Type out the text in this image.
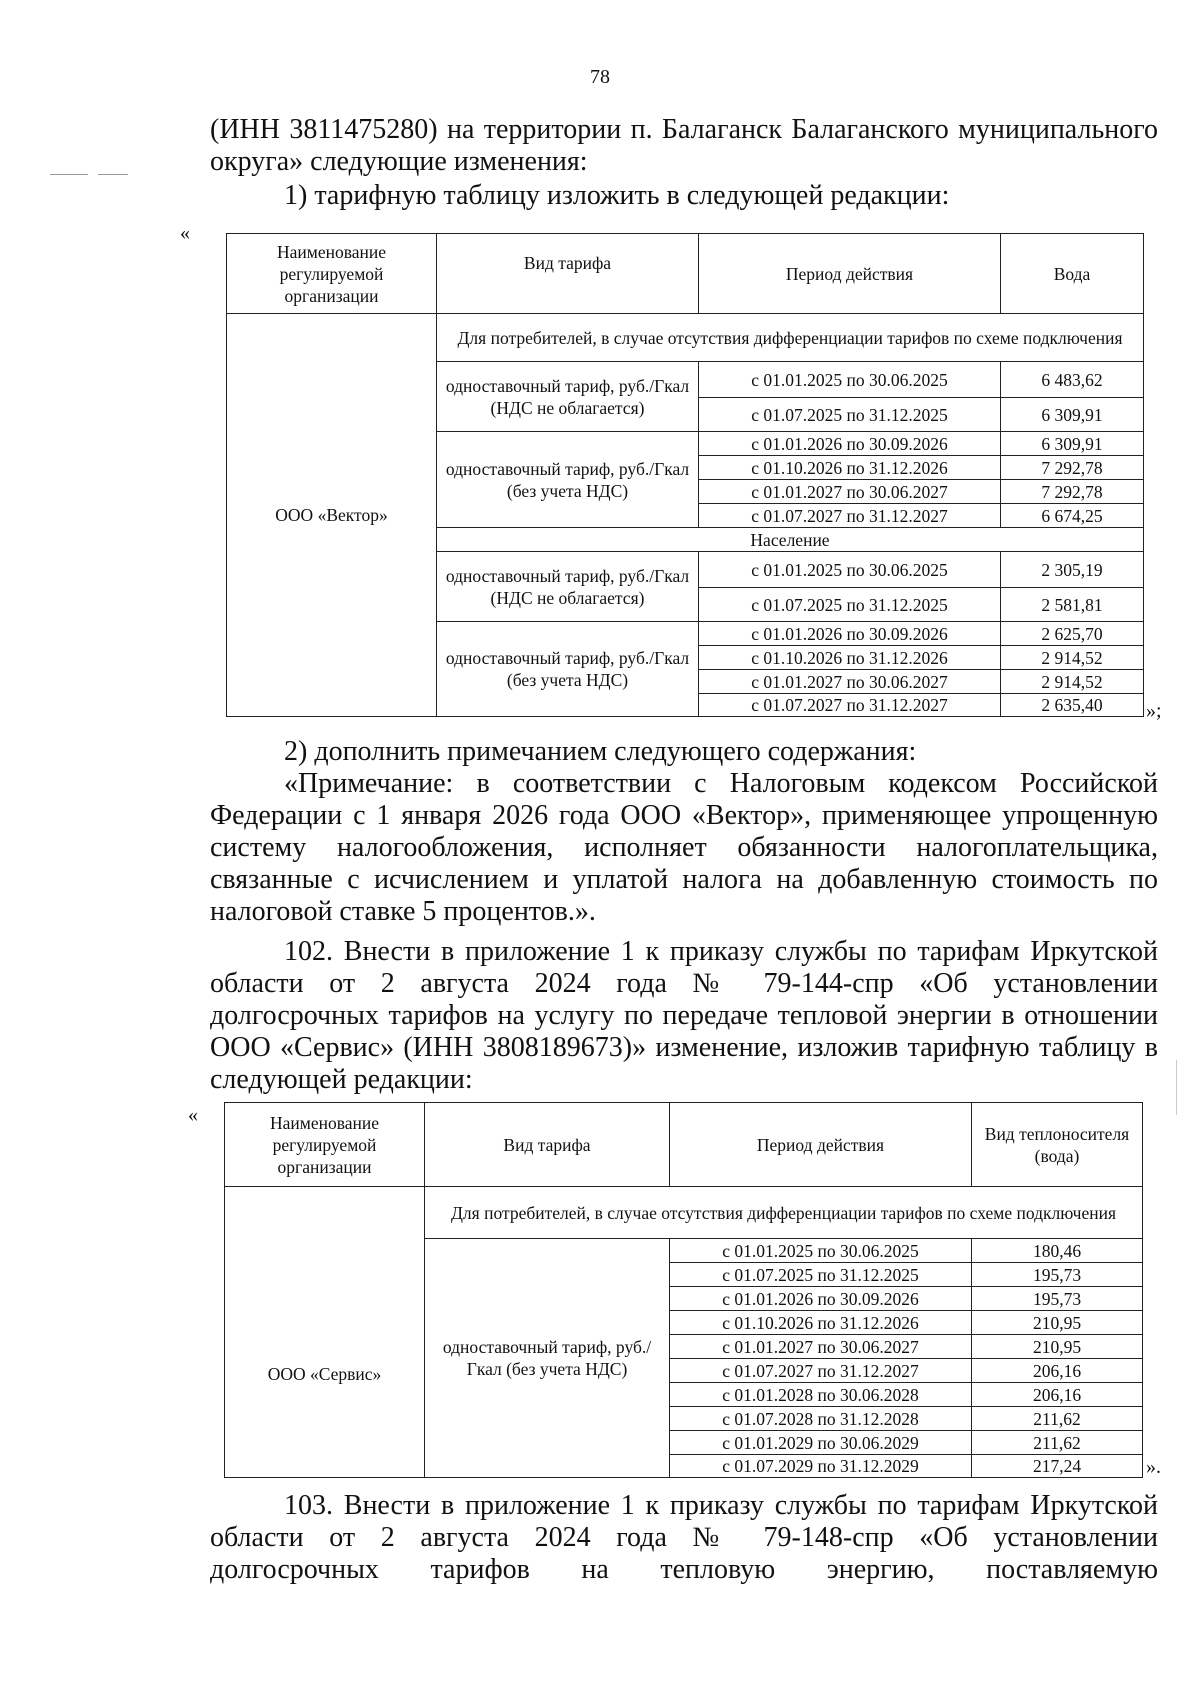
78
(ИНН 3811475280) на территории п. Балаганск Балаганского муниципального
округа» следующие изменения:
1) тарифную таблицу изложить в следующей редакции:
«
Наименование регулируемой организации	Вид тарифа	Период действия	Вода
ООО «Вектор»	Для потребителей, в случае отсутствия дифференциации тарифов по схеме подключения		
	одноставочный тариф, руб./Гкал (НДС не облагается)	с 01.01.2025 по 30.06.2025	6 483,62
		с 01.07.2025 по 31.12.2025	6 309,91
	одноставочный тариф, руб./Гкал (без учета НДС)	с 01.01.2026 по 30.09.2026	6 309,91
		с 01.10.2026 по 31.12.2026	7 292,78
		с 01.01.2027 по 30.06.2027	7 292,78
		с 01.07.2027 по 31.12.2027	6 674,25
	Население		
	одноставочный тариф, руб./Гкал (НДС не облагается)	с 01.01.2025 по 30.06.2025	2 305,19
		с 01.07.2025 по 31.12.2025	2 581,81
	одноставочный тариф, руб./Гкал (без учета НДС)	с 01.01.2026 по 30.09.2026	2 625,70
		с 01.10.2026 по 31.12.2026	2 914,52
		с 01.01.2027 по 30.06.2027	2 914,52
		с 01.07.2027 по 31.12.2027	2 635,40 »;
2) дополнить примечанием следующего содержания:
«Примечание: в соответствии с Налоговым кодексом Российской
Федерации с 1 января 2026 года ООО «Вектор», применяющее упрощенную
систему налогообложения, исполняет обязанности налогоплательщика,
связанные с исчислением и уплатой налога на добавленную стоимость по
налоговой ставке 5 процентов.».
102. Внести в приложение 1 к приказу службы по тарифам Иркутской
области от 2 августа 2024 года № 79-144-спр «Об установлении
долгосрочных тарифов на услугу по передаче тепловой энергии в отношении
ООО «Сервис» (ИНН 3808189673)» изменение, изложив тарифную таблицу в
следующей редакции:
«	Наименование регулируемой организации	Вид тарифа	Период действия	Вид теплоносителя (вода)
ООО «Сервис»	Для потребителей, в случае отсутствия дифференциации тарифов по схеме подключения		
	одноставочный тариф, руб./Гкал (без учета НДС)	с 01.01.2025 по 30.06.2025	180,46
		с 01.07.2025 по 31.12.2025	195,73
		с 01.01.2026 по 30.09.2026	195,73
		с 01.10.2026 по 31.12.2026	210,95
		с 01.01.2027 по 30.06.2027	210,95
		с 01.07.2027 по 31.12.2027	206,16
		с 01.01.2028 по 30.06.2028	206,16
		с 01.07.2028 по 31.12.2028	211,62
		с 01.01.2029 по 30.06.2029	211,62
		с 01.07.2029 по 31.12.2029	217,24	».
103. Внести в приложение 1 к приказу службы по тарифам Иркутской
области от 2 августа 2024 года № 79-148-спр «Об установлении
долгосрочных тарифов на тепловую энергию, поставляемую
